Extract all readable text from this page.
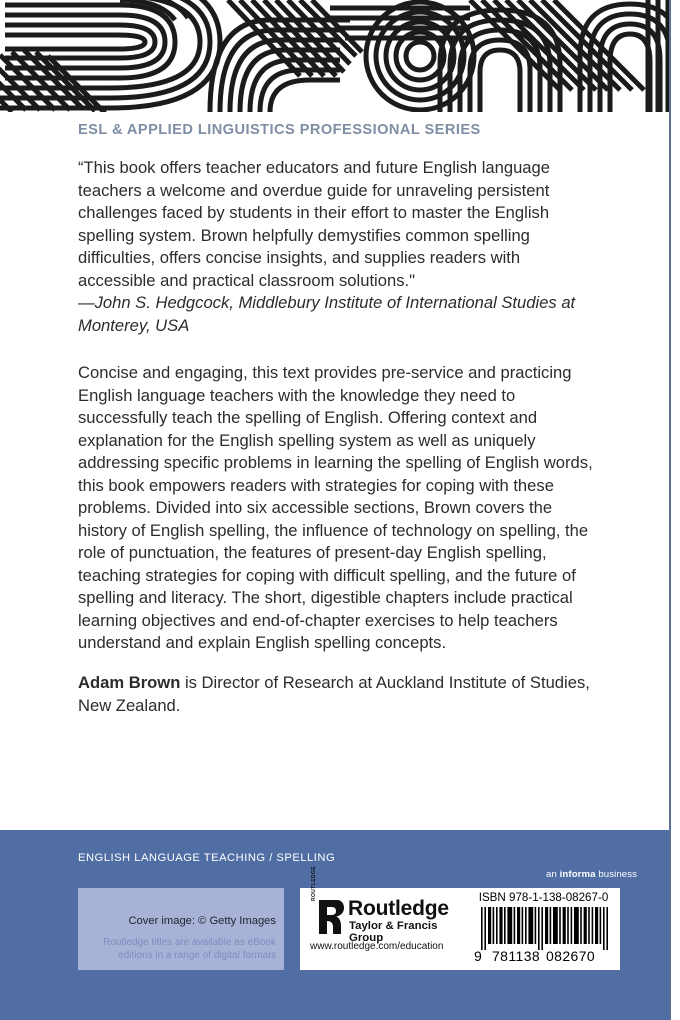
ESL & APPLIED LINGUISTICS PROFESSIONAL SERIES
“This book offers teacher educators and future English language teachers a welcome and overdue guide for unraveling persistent challenges faced by students in their effort to master the English spelling system. Brown helpfully demystifies common spelling difficulties, offers concise insights, and supplies readers with accessible and practical classroom solutions."
—John S. Hedgcock, Middlebury Institute of International Studies at Monterey, USA
Concise and engaging, this text provides pre-service and practicing English language teachers with the knowledge they need to successfully teach the spelling of English. Offering context and explanation for the English spelling system as well as uniquely addressing specific problems in learning the spelling of English words, this book empowers readers with strategies for coping with these problems. Divided into six accessible sections, Brown covers the history of English spelling, the influence of technology on spelling, the role of punctuation, the features of present-day English spelling, teaching strategies for coping with difficult spelling, and the future of spelling and literacy. The short, digestible chapters include practical learning objectives and end-of-chapter exercises to help teachers understand and explain English spelling concepts.
Adam Brown is Director of Research at Auckland Institute of Studies, New Zealand.
ENGLISH LANGUAGE TEACHING / SPELLING
an informa business
Cover image: © Getty Images
Routledge titles are available as eBook editions in a range of digital formats
ROUTLEDGE
Routledge
Taylor & Francis Group
www.routledge.com/education
ISBN 978-1-138-08267-0
9 781138 082670
